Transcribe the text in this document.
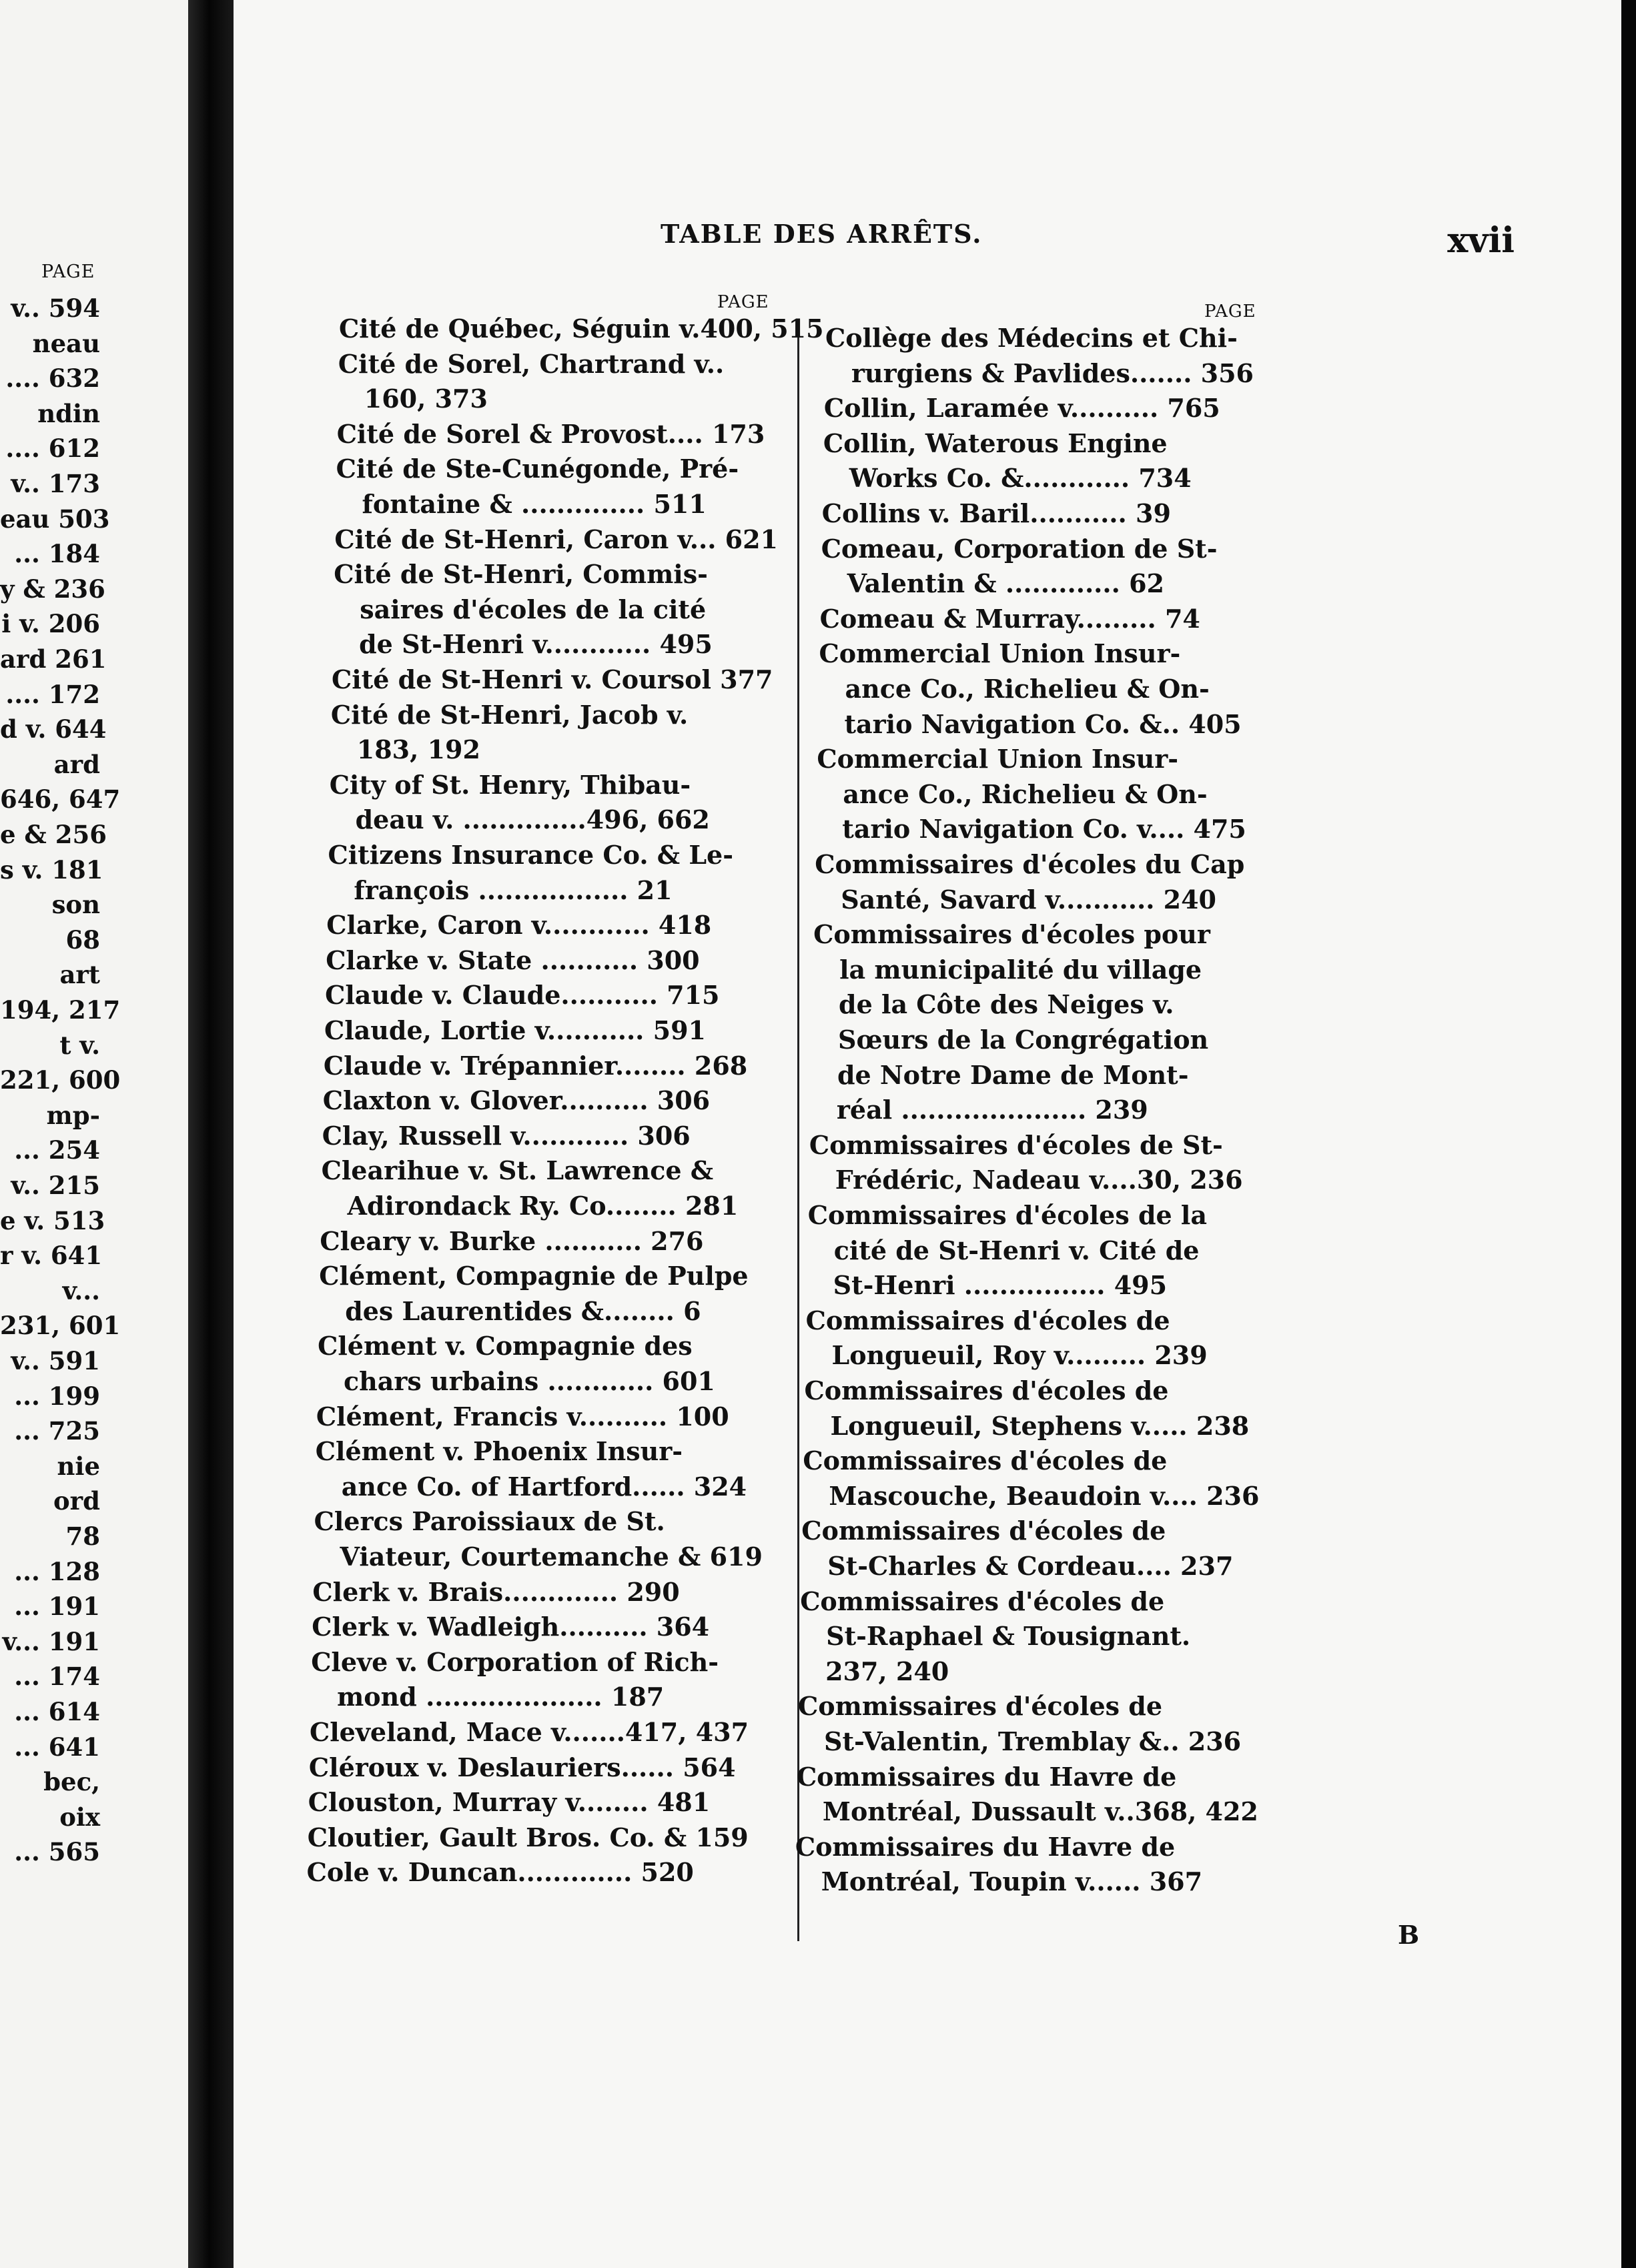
PAGE
v.. 594
neau
.... 632
ndin
.... 612
v.. 173
eau 503
... 184
y & 236
i v. 206
ard 261
.... 172
d v. 644
ard
646, 647
e & 256
s v. 181
son
68
art
194, 217
t v.
221, 600
mp-
... 254
v.. 215
e v. 513
r v. 641
v...
231, 601
v.. 591
... 199
... 725
nie
ord
78
... 128
... 191
v... 191
... 174
... 614
... 641
bec,
oix
... 565
TABLE DES ARRÊTS.	xvii
PAGE	PAGE
Cité de Québec, Séguin v.400, 515
Cité de Sorel, Chartrand v..
160, 373
Cité de Sorel & Provost.... 173
Cité de Ste-Cunégonde, Pré-
fontaine & .............. 511
Cité de St-Henri, Caron v... 621
Cité de St-Henri, Commis-
saires d'écoles de la cité
de St-Henri v............ 495
Cité de St-Henri v. Coursol 377
Cité de St-Henri, Jacob v.
183, 192
City of St. Henry, Thibau-
deau v. ..............496, 662
Citizens Insurance Co. & Le-
françois ................. 21
Clarke, Caron v............ 418
Clarke v. State ........... 300
Claude v. Claude........... 715
Claude, Lortie v........... 591
Claude v. Trépannier........ 268
Claxton v. Glover.......... 306
Clay, Russell v............ 306
Clearihue v. St. Lawrence &
Adirondack Ry. Co........ 281
Cleary v. Burke ........... 276
Clément, Compagnie de Pulpe
des Laurentides &........ 6
Clément v. Compagnie des
chars urbains ............ 601
Clément, Francis v.......... 100
Clément v. Phoenix Insur-
ance Co. of Hartford...... 324
Clercs Paroissiaux de St.
Viateur, Courtemanche & 619
Clerk v. Brais............. 290
Clerk v. Wadleigh.......... 364
Cleve v. Corporation of Rich-
mond .................... 187
Cleveland, Mace v.......417, 437
Cléroux v. Deslauriers...... 564
Clouston, Murray v........ 481
Cloutier, Gault Bros. Co. & 159
Cole v. Duncan............. 520
Collège des Médecins et Chi-
rurgiens & Pavlides....... 356
Collin, Laramée v.......... 765
Collin, Waterous Engine
Works Co. &............ 734
Collins v. Baril........... 39
Comeau, Corporation de St-
Valentin & ............. 62
Comeau & Murray......... 74
Commercial Union Insur-
ance Co., Richelieu & On-
tario Navigation Co. &.. 405
Commercial Union Insur-
ance Co., Richelieu & On-
tario Navigation Co. v.... 475
Commissaires d'écoles du Cap
Santé, Savard v........... 240
Commissaires d'écoles pour
la municipalité du village
de la Côte des Neiges v.
Sœurs de la Congrégation
de Notre Dame de Mont-
réal ..................... 239
Commissaires d'écoles de St-
Frédéric, Nadeau v....30, 236
Commissaires d'écoles de la
cité de St-Henri v. Cité de
St-Henri ................ 495
Commissaires d'écoles de
Longueuil, Roy v......... 239
Commissaires d'écoles de
Longueuil, Stephens v..... 238
Commissaires d'écoles de
Mascouche, Beaudoin v.... 236
Commissaires d'écoles de
St-Charles & Cordeau.... 237
Commissaires d'écoles de
St-Raphael & Tousignant.
237, 240
Commissaires d'écoles de
St-Valentin, Tremblay &.. 236
Commissaires du Havre de
Montréal, Dussault v..368, 422
Commissaires du Havre de
Montréal, Toupin v...... 367
B
